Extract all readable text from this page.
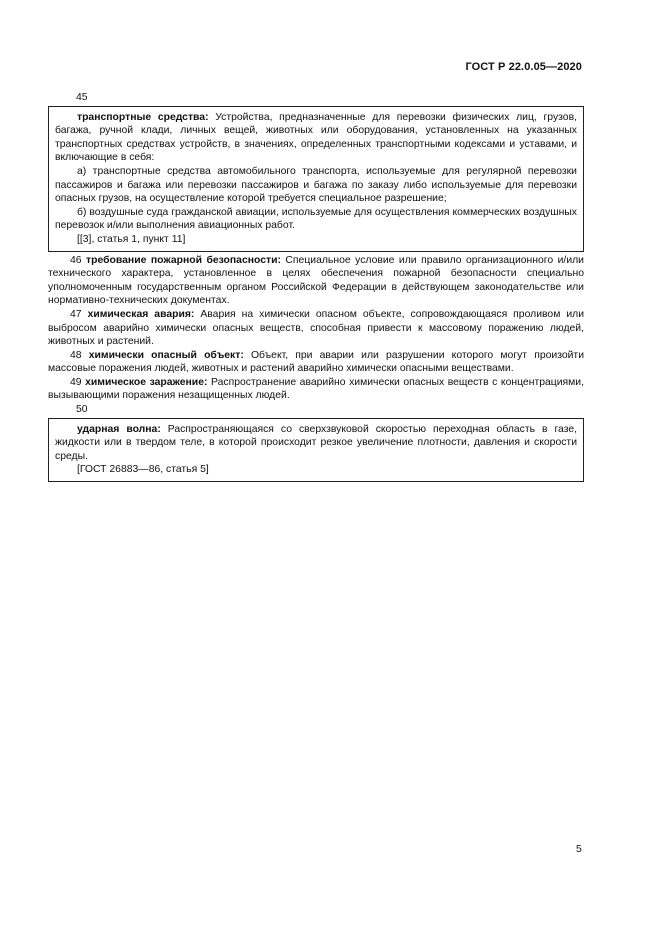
ГОСТ Р 22.0.05—2020
45

транспортные средства: Устройства, предназначенные для перевозки физических лиц, грузов, багажа, ручной клади, личных вещей, животных или оборудования, установленных на указанных транспортных средствах устройств, в значениях, определенных транспортными кодексами и уставами, и включающие в себя:

а) транспортные средства автомобильного транспорта, используемые для регулярной перевозки пассажиров и багажа или перевозки пассажиров и багажа по заказу либо используемые для перевозки опасных грузов, на осуществление которой требуется специальное разрешение;

б) воздушные суда гражданской авиации, используемые для осуществления коммерческих воздушных перевозок и/или выполнения авиационных работ.

[[3], статья 1, пункт 11]

46 требование пожарной безопасности: Специальное условие или правило организационного и/или технического характера, установленное в целях обеспечения пожарной безопасности специально уполномоченным государственным органом Российской Федерации в действующем законодательстве или нормативно-технических документах.

47 химическая авария: Авария на химически опасном объекте, сопровождающаяся проливом или выбросом аварийно химически опасных веществ, способная привести к массовому поражению людей, животных и растений.

48 химически опасный объект: Объект, при аварии или разрушении которого могут произойти массовые поражения людей, животных и растений аварийно химически опасными веществами.

49 химическое заражение: Распространение аварийно химически опасных веществ с концентрациями, вызывающими поражения незащищенных людей.

50

ударная волна: Распространяющаяся со сверхзвуковой скоростью переходная область в газе, жидкости или в твердом теле, в которой происходит резкое увеличение плотности, давления и скорости среды.

[ГОСТ 26883—86, статья 5]

5
